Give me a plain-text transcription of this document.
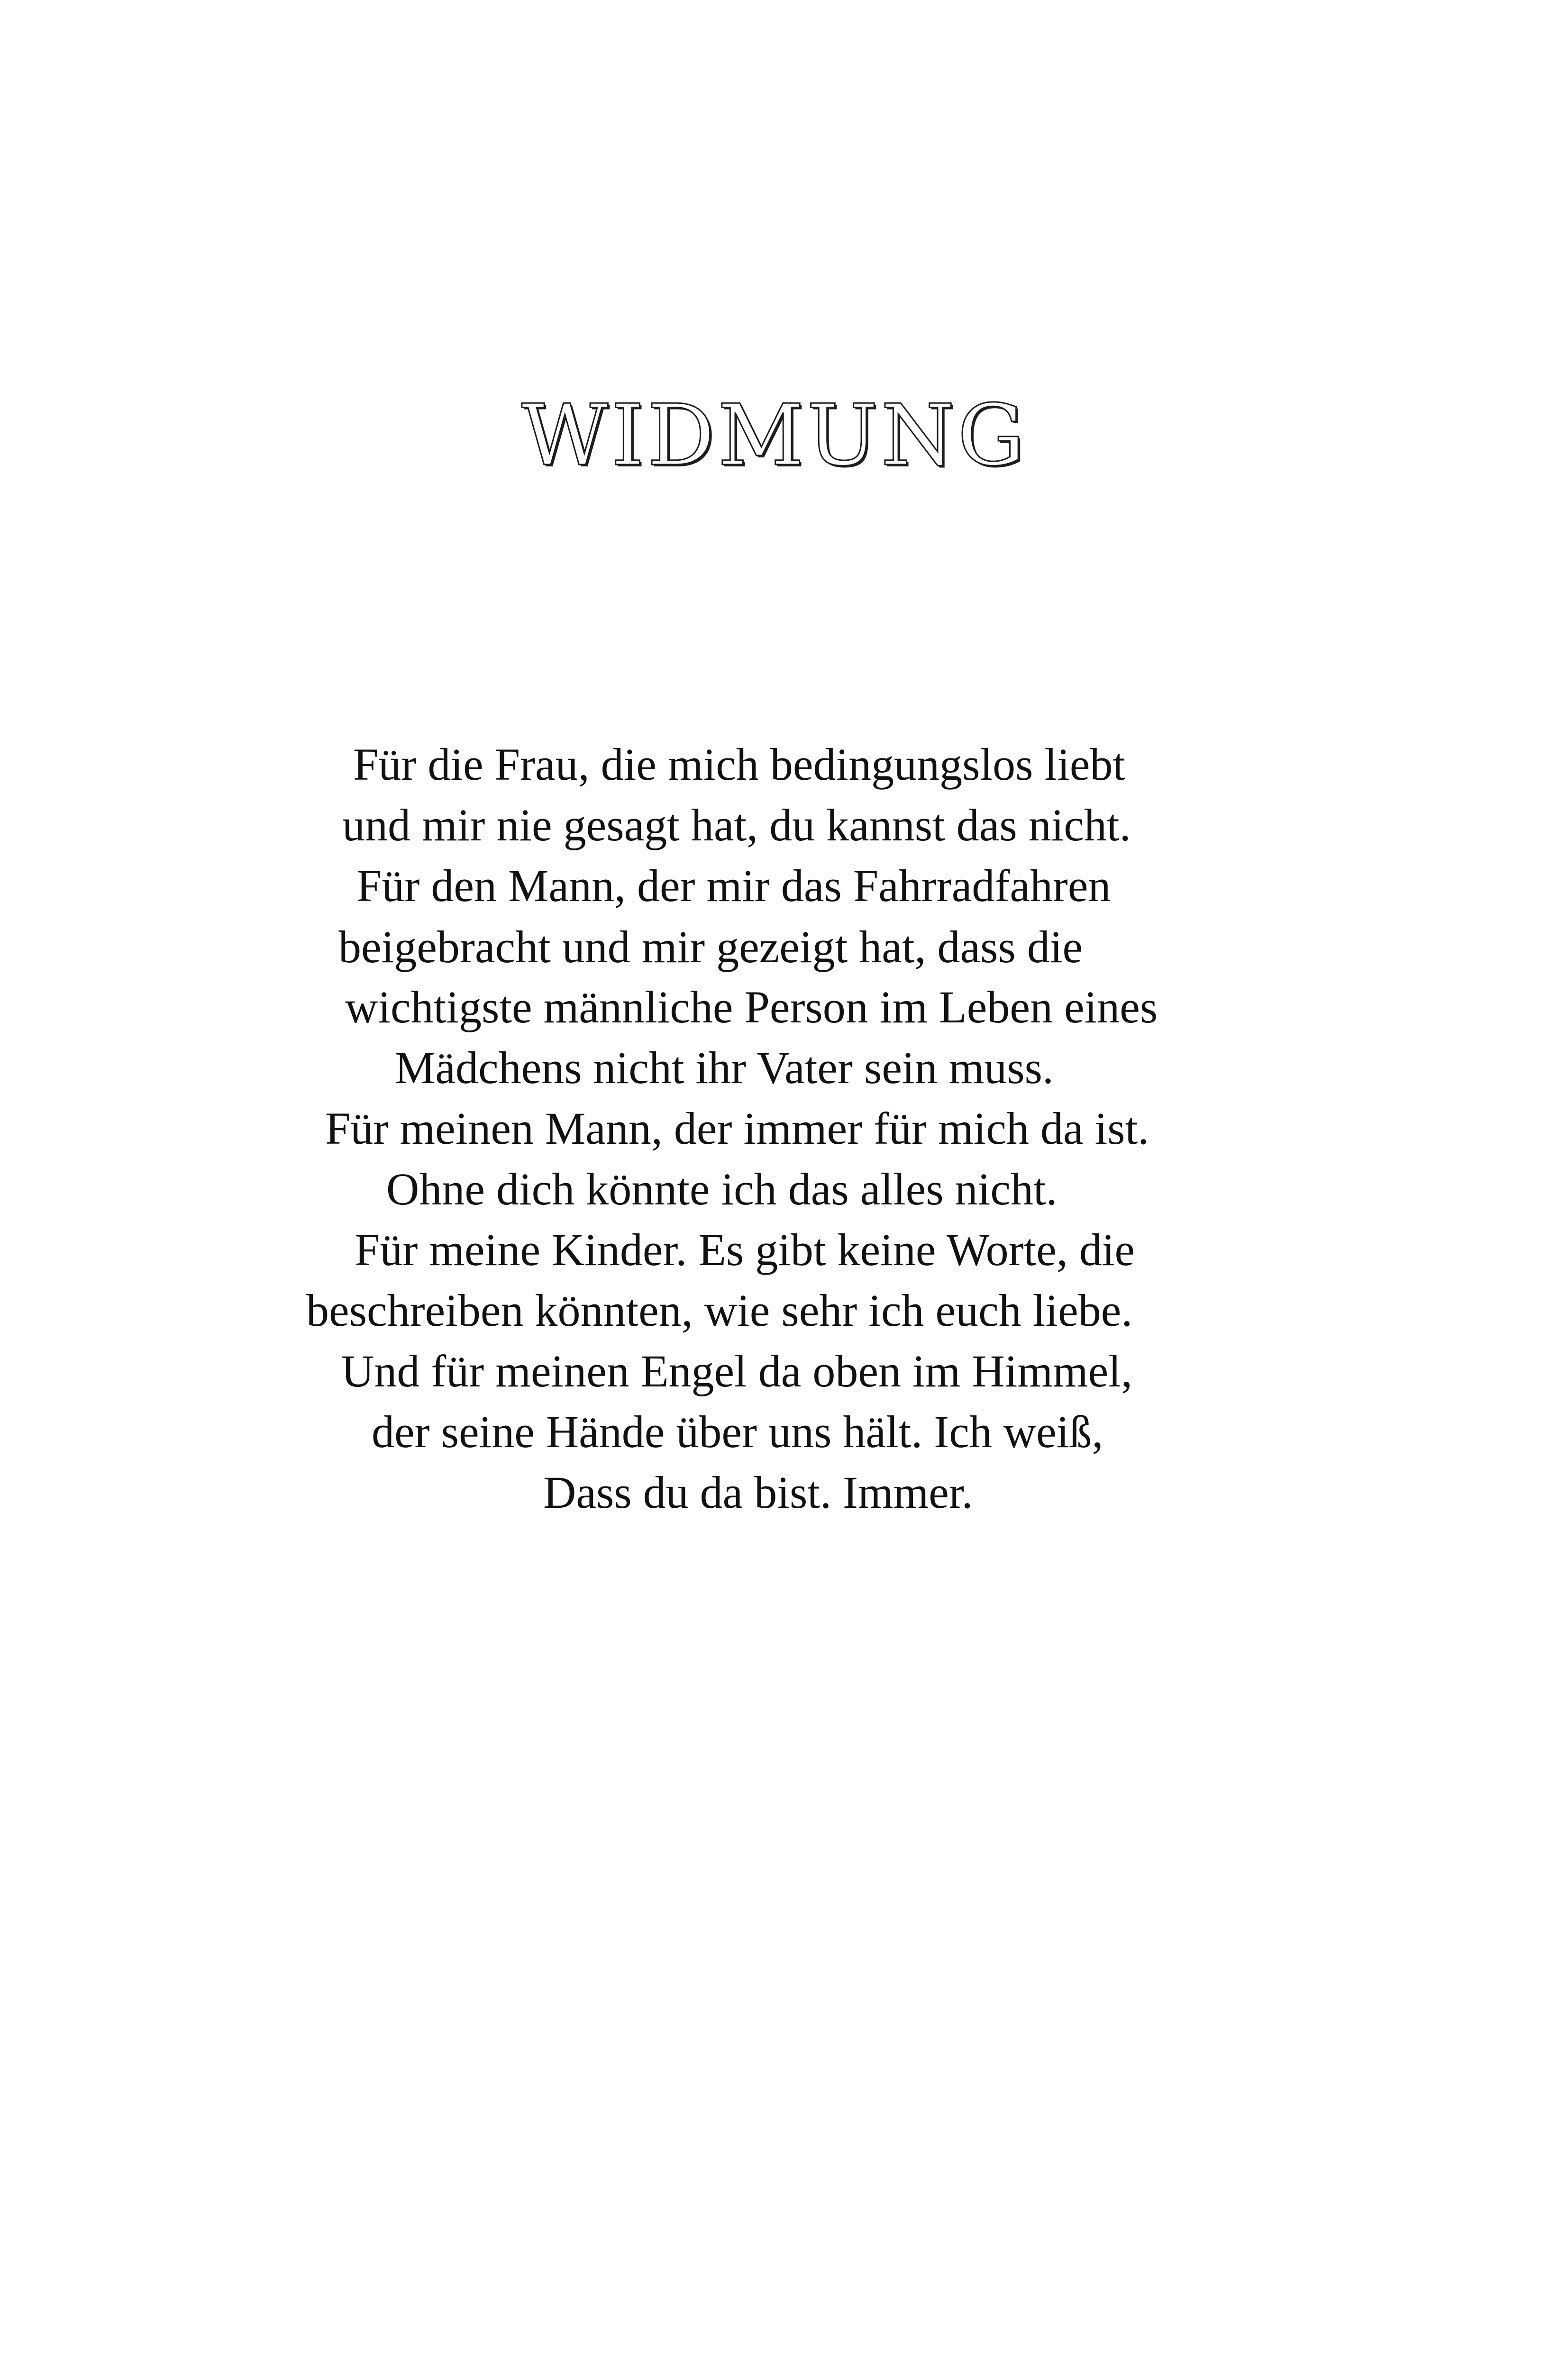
WIDMUNG
Für die Frau, die mich bedingungslos liebt
und mir nie gesagt hat, du kannst das nicht.
Für den Mann, der mir das Fahrradfahren
beigebracht und mir gezeigt hat, dass die
wichtigste männliche Person im Leben eines
Mädchens nicht ihr Vater sein muss.
Für meinen Mann, der immer für mich da ist.
Ohne dich könnte ich das alles nicht.
Für meine Kinder. Es gibt keine Worte, die
beschreiben könnten, wie sehr ich euch liebe.
Und für meinen Engel da oben im Himmel,
der seine Hände über uns hält. Ich weiß,
Dass du da bist. Immer.
